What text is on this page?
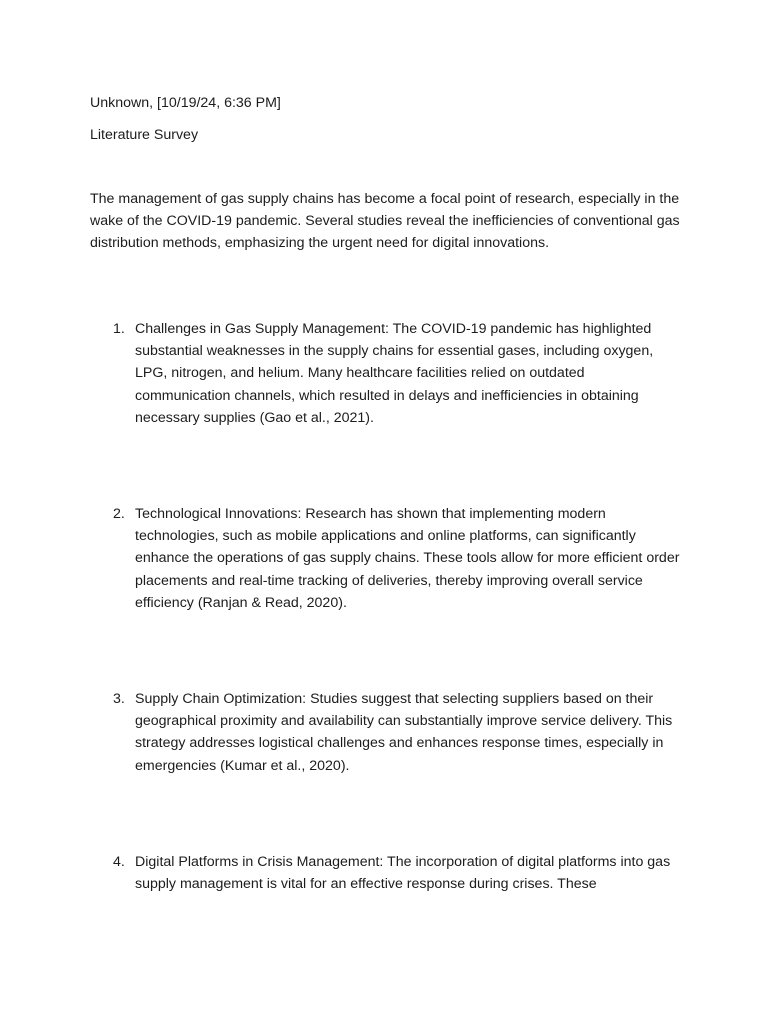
Unknown, [10/19/24, 6:36 PM]
Literature Survey

The management of gas supply chains has become a focal point of research, especially in the wake of the COVID-19 pandemic. Several studies reveal the inefficiencies of conventional gas distribution methods, emphasizing the urgent need for digital innovations.

1. Challenges in Gas Supply Management: The COVID-19 pandemic has highlighted substantial weaknesses in the supply chains for essential gases, including oxygen, LPG, nitrogen, and helium. Many healthcare facilities relied on outdated communication channels, which resulted in delays and inefficiencies in obtaining necessary supplies (Gao et al., 2021).

2. Technological Innovations: Research has shown that implementing modern technologies, such as mobile applications and online platforms, can significantly enhance the operations of gas supply chains. These tools allow for more efficient order placements and real-time tracking of deliveries, thereby improving overall service efficiency (Ranjan & Read, 2020).

3. Supply Chain Optimization: Studies suggest that selecting suppliers based on their geographical proximity and availability can substantially improve service delivery. This strategy addresses logistical challenges and enhances response times, especially in emergencies (Kumar et al., 2020).

4. Digital Platforms in Crisis Management: The incorporation of digital platforms into gas supply management is vital for an effective response during crises. These
